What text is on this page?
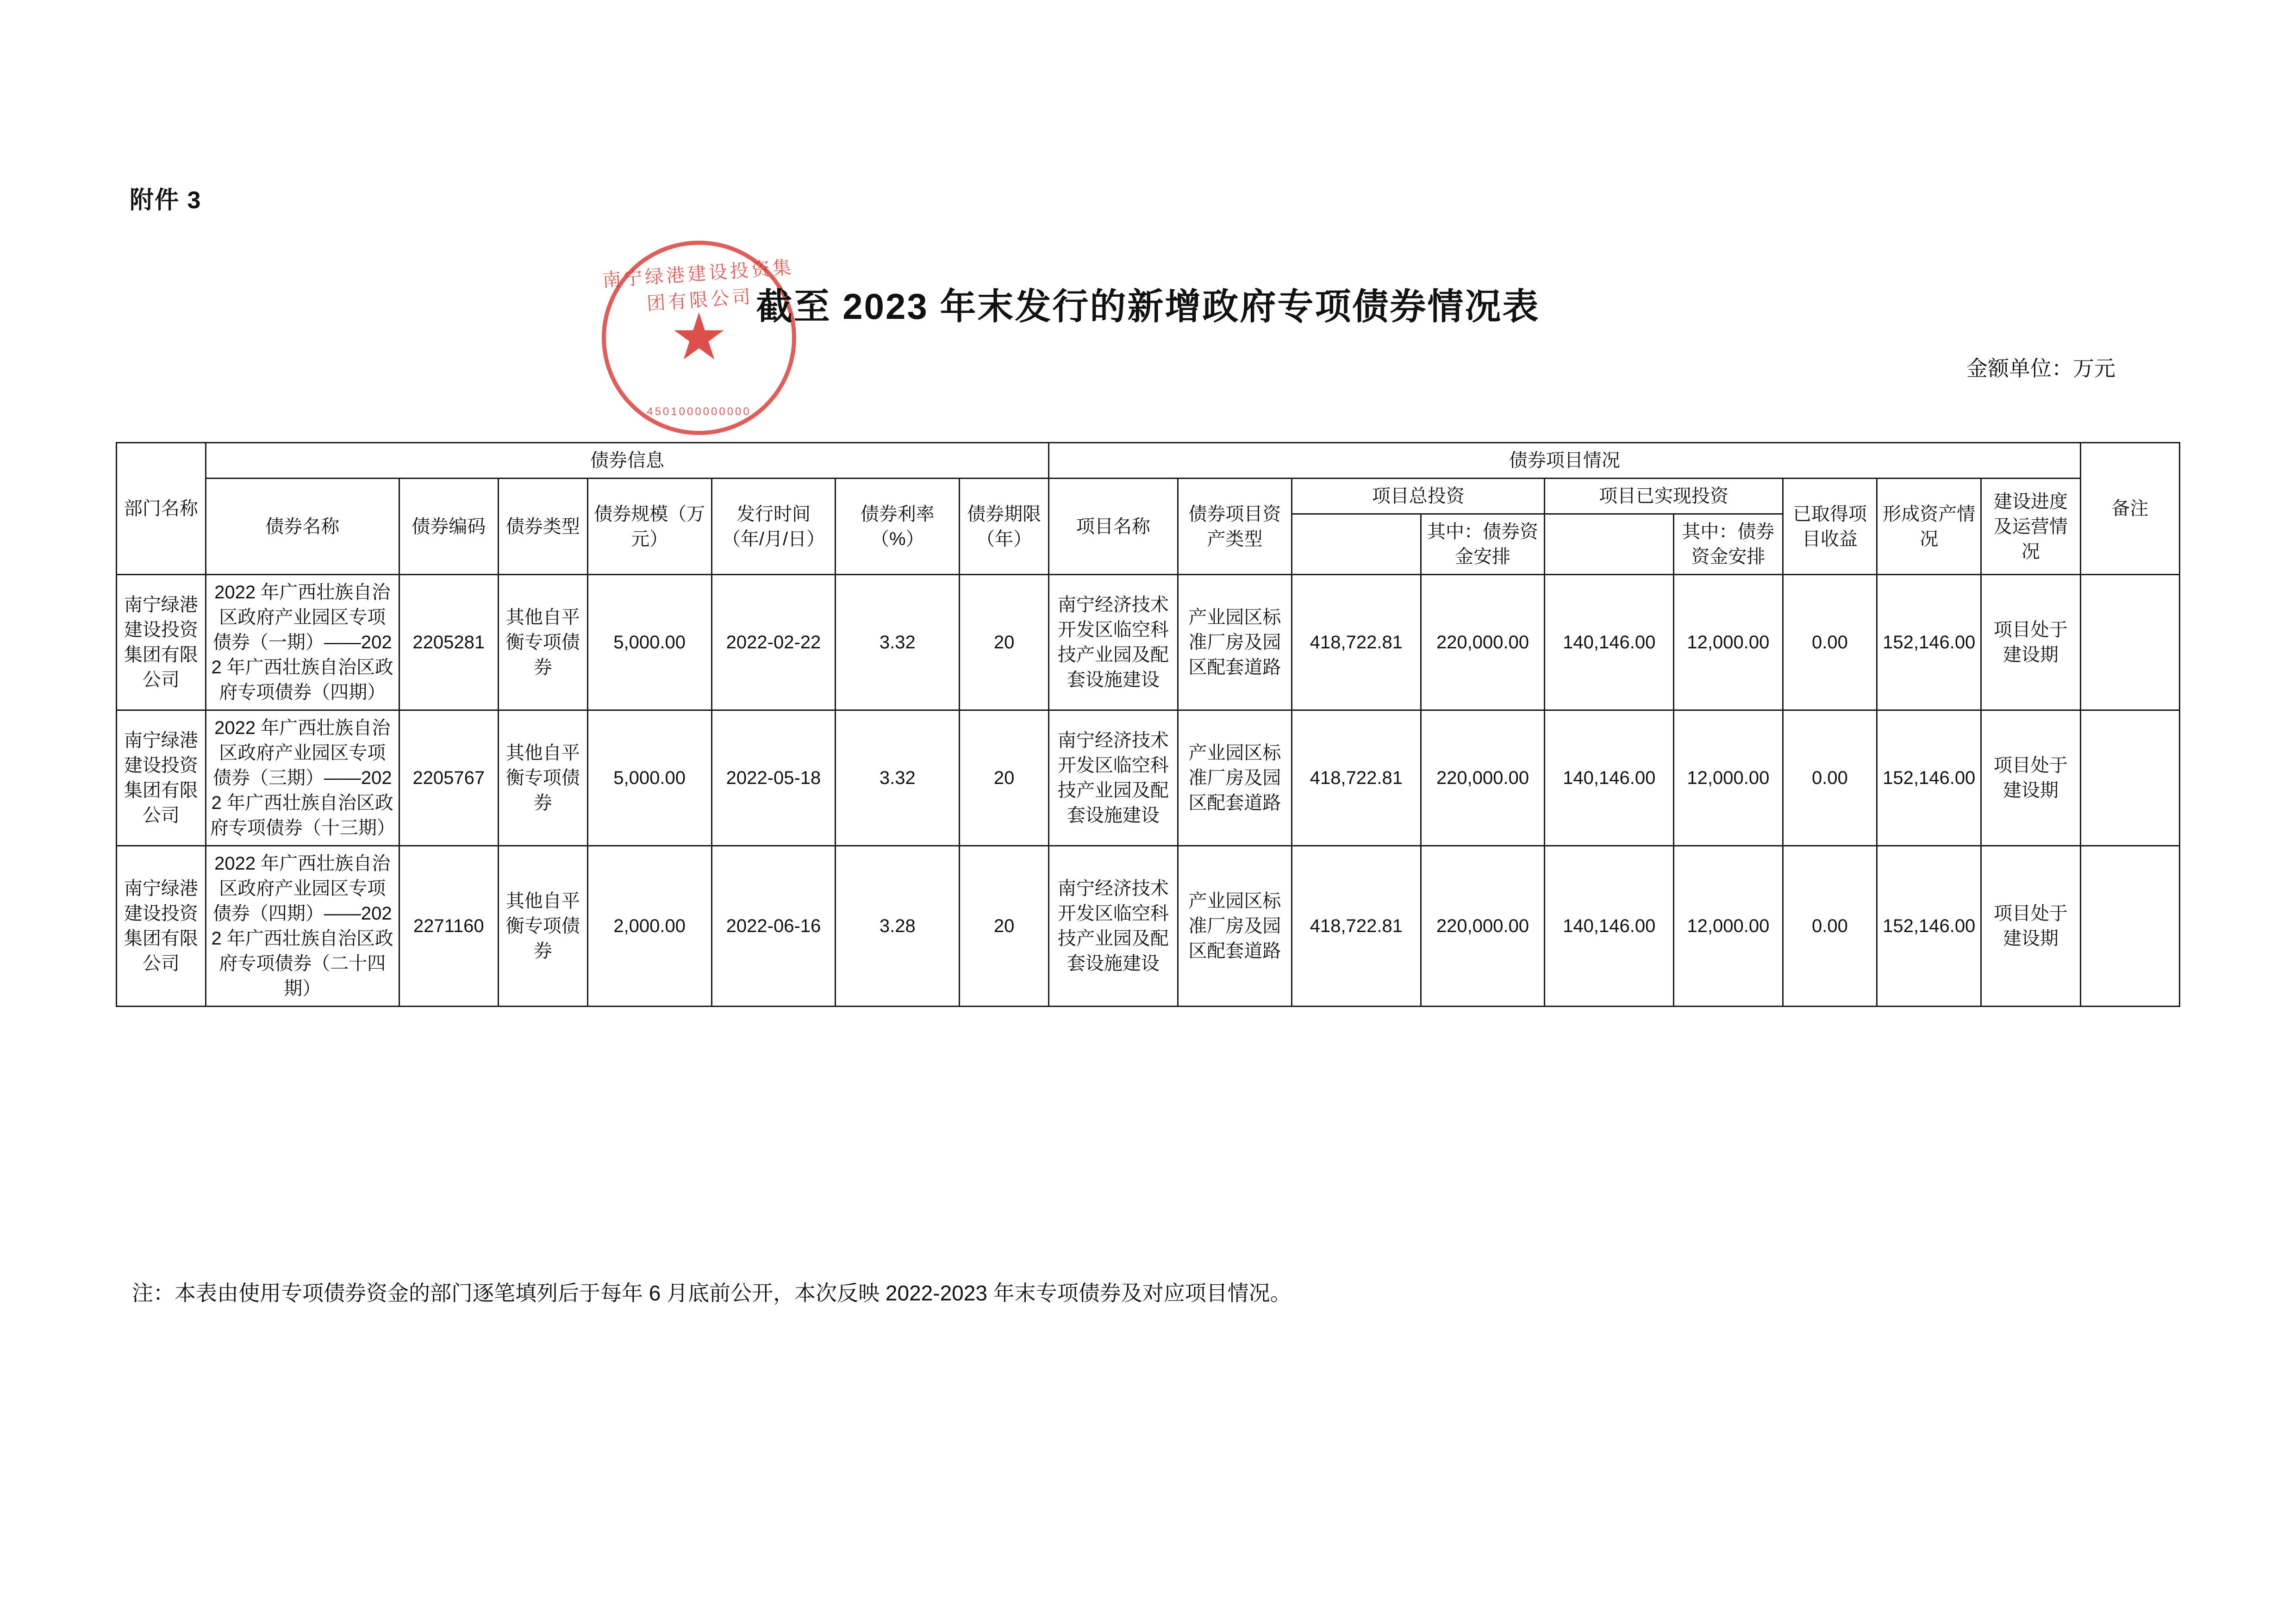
附件 3
南宁绿港建设投资集团有限公司
★
4501000000000
截至 2023 年末发行的新增政府专项债券情况表
金额单位：万元
部门名称	债券信息							债券项目情况									备注
	债券名称	债券编码	债券类型	债券规模（万元）	发行时间（年/月/日）	债券利率（%）	债券期限（年）	项目名称	债券项目资产类型	项目总投资		项目已实现投资		已取得项目收益	形成资产情况	建设进度及运营情况	
											其中：债券资金安排		其中：债券资金安排				
南宁绿港建设投资集团有限公司	2022 年广西壮族自治区政府产业园区专项债券（一期）——2022 年广西壮族自治区政府专项债券（四期）	2205281	其他自平衡专项债券	5,000.00	2022-02-22	3.32	20	南宁经济技术开发区临空科技产业园及配套设施建设	产业园区标准厂房及园区配套道路	418,722.81	220,000.00	140,146.00	12,000.00	0.00	152,146.00	项目处于建设期	
南宁绿港建设投资集团有限公司	2022 年广西壮族自治区政府产业园区专项债券（三期）——2022 年广西壮族自治区政府专项债券（十三期）	2205767	其他自平衡专项债券	5,000.00	2022-05-18	3.32	20	南宁经济技术开发区临空科技产业园及配套设施建设	产业园区标准厂房及园区配套道路	418,722.81	220,000.00	140,146.00	12,000.00	0.00	152,146.00	项目处于建设期	
南宁绿港建设投资集团有限公司	2022 年广西壮族自治区政府产业园区专项债券（四期）——2022 年广西壮族自治区政府专项债券（二十四期）	2271160	其他自平衡专项债券	2,000.00	2022-06-16	3.28	20	南宁经济技术开发区临空科技产业园及配套设施建设	产业园区标准厂房及园区配套道路	418,722.81	220,000.00	140,146.00	12,000.00	0.00	152,146.00	项目处于建设期	
注：本表由使用专项债券资金的部门逐笔填列后于每年 6 月底前公开，本次反映 2022-2023 年末专项债券及对应项目情况。
